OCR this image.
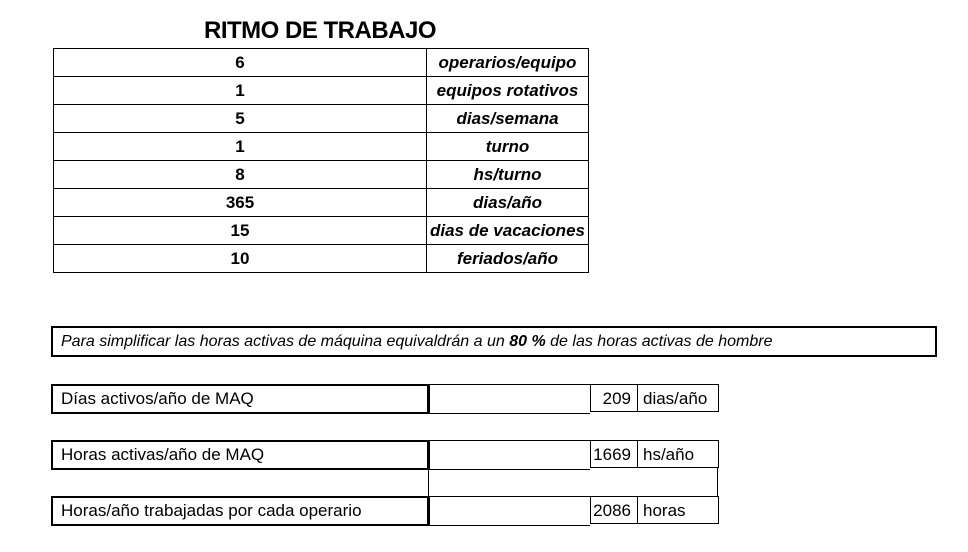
RITMO DE TRABAJO
6	operarios/equipo
1	equipos rotativos
5	dias/semana
1	turno
8	hs/turno
365	dias/año
15	dias de vacaciones
10	feriados/año
Para simplificar las horas activas de máquina equivaldrán a un 80 % de las horas activas de hombre
Días activos/año de MAQ	209 dias/año
Horas activas/año de MAQ	1669 hs/año
Horas/año trabajadas por cada operario	2086 horas
